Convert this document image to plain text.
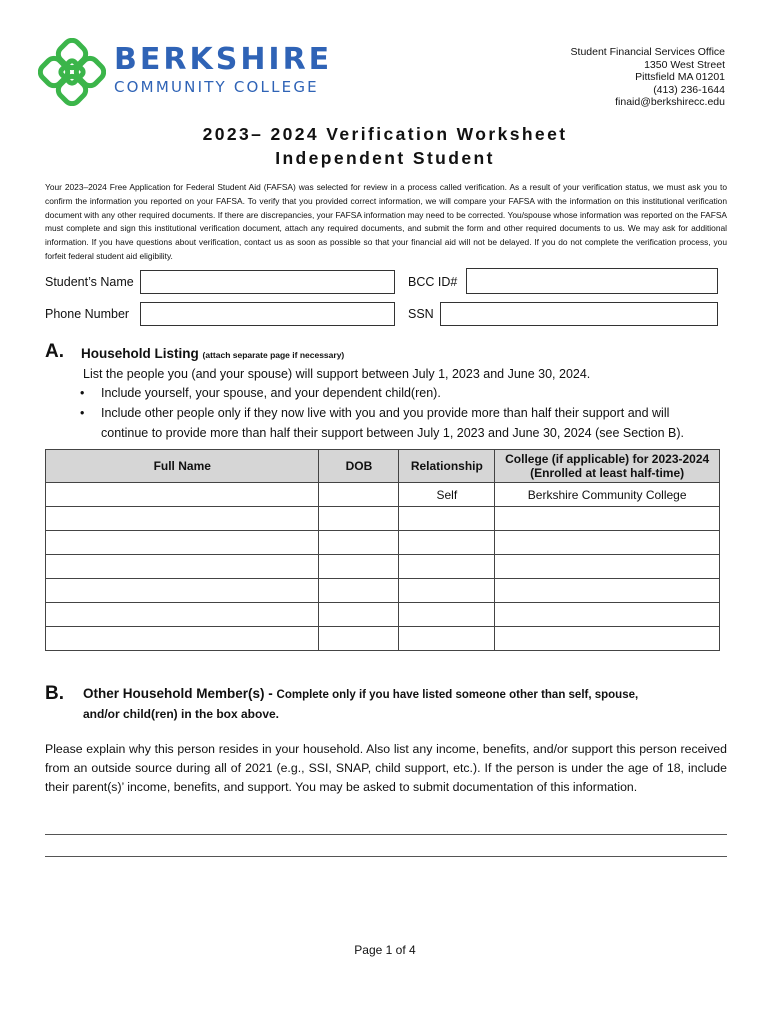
BERKSHIRE
COMMUNITY COLLEGE
Student Financial Services Office
1350 West Street
Pittsfield MA 01201
(413) 236-1644
finaid@berkshirecc.edu
2023– 2024 Verification Worksheet
Independent Student
Your 2023–2024 Free Application for Federal Student Aid (FAFSA) was selected for review in a process called verification. As a result of your verification status, we must ask you to confirm the information you reported on your FAFSA. To verify that you provided correct information, we will compare your FAFSA with the information on this institutional verification document with any other required documents. If there are discrepancies, your FAFSA information may need to be corrected. You/spouse whose information was reported on the FAFSA must complete and sign this institutional verification document, attach any required documents, and submit the form and other required documents to us. We may ask for additional information. If you have questions about verification, contact us as soon as possible so that your financial aid will not be delayed. If you do not complete the verification process, you forfeit federal student aid eligibility.
Student’s Name	BCC ID#
Phone Number	SSN
A. Household Listing (attach separate page if necessary)
List the people you (and your spouse) will support between July 1, 2023 and June 30, 2024.
• Include yourself, your spouse, and your dependent child(ren).
• Include other people only if they now live with you and you provide more than half their support and will
continue to provide more than half their support between July 1, 2023 and June 30, 2024 (see Section B).
Full Name	DOB	Relationship	College (if applicable) for 2023-2024
(Enrolled at least half-time)

		Self	Berkshire Community College

B. Other Household Member(s) - Complete only if you have listed someone other than self, spouse,
and/or child(ren) in the box above.
Please explain why this person resides in your household. Also list any income, benefits, and/or support this person received from an outside source during all of 2021 (e.g., SSI, SNAP, child support, etc.). If the person is under the age of 18, include their parent(s)’ income, benefits, and support. You may be asked to submit documentation of this information.
Page 1 of 4
